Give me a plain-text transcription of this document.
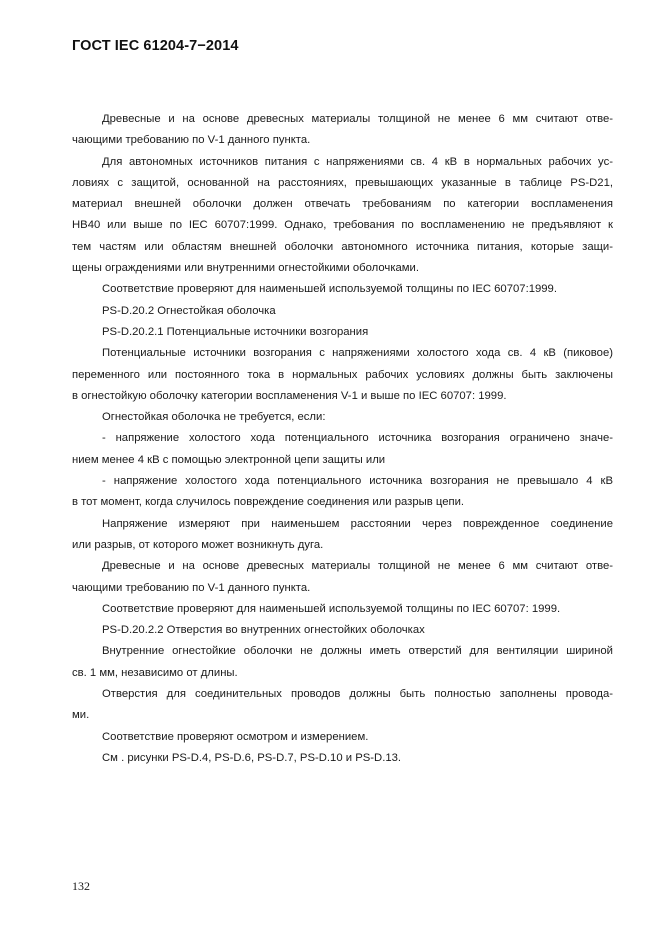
ГОСТ IEC 61204-7−2014
Древесные и на основе древесных материалы толщиной не менее 6 мм считают отве-
чающими требованию по V-1 данного пункта.
Для автономных источников питания с напряжениями св. 4 кВ в нормальных рабочих ус-
ловиях с защитой, основанной на расстояниях, превышающих указанные в таблице PS-D21,
материал внешней оболочки должен отвечать требованиям по категории воспламенения
HB40 или выше по IEC 60707:1999. Однако, требования по воспламенению не предъявляют к
тем частям или областям внешней оболочки автономного источника питания, которые защи-
щены ограждениями или внутренними огнестойкими оболочками.
Соответствие проверяют для наименьшей используемой толщины по IEC 60707:1999.
PS-D.20.2 Огнестойкая оболочка
PS-D.20.2.1 Потенциальные источники возгорания
Потенциальные источники возгорания с напряжениями холостого хода св. 4 кВ (пиковое)
переменного или постоянного тока в нормальных рабочих условиях должны быть заключены
в огнестойкую оболочку категории воспламенения V-1 и выше по IEC 60707: 1999.
Огнестойкая оболочка не требуется, если:
- напряжение холостого хода потенциального источника возгорания ограничено значе-
нием менее 4 кВ с помощью электронной цепи защиты или
- напряжение холостого хода потенциального источника возгорания не превышало 4 кВ
в тот момент, когда случилось повреждение соединения или разрыв цепи.
Напряжение измеряют при наименьшем расстоянии через поврежденное соединение
или разрыв, от которого может возникнуть дуга.
Древесные и на основе древесных материалы толщиной не менее 6 мм считают отве-
чающими требованию по V-1 данного пункта.
Соответствие проверяют для наименьшей используемой толщины по IEC 60707: 1999.
PS-D.20.2.2 Отверстия во внутренних огнестойких оболочках
Внутренние огнестойкие оболочки не должны иметь отверстий для вентиляции шириной
св. 1 мм, независимо от длины.
Отверстия для соединительных проводов должны быть полностью заполнены провода-
ми.
Соответствие проверяют осмотром и измерением.
См . рисунки PS-D.4, PS-D.6, PS-D.7, PS-D.10 и PS-D.13.
132
